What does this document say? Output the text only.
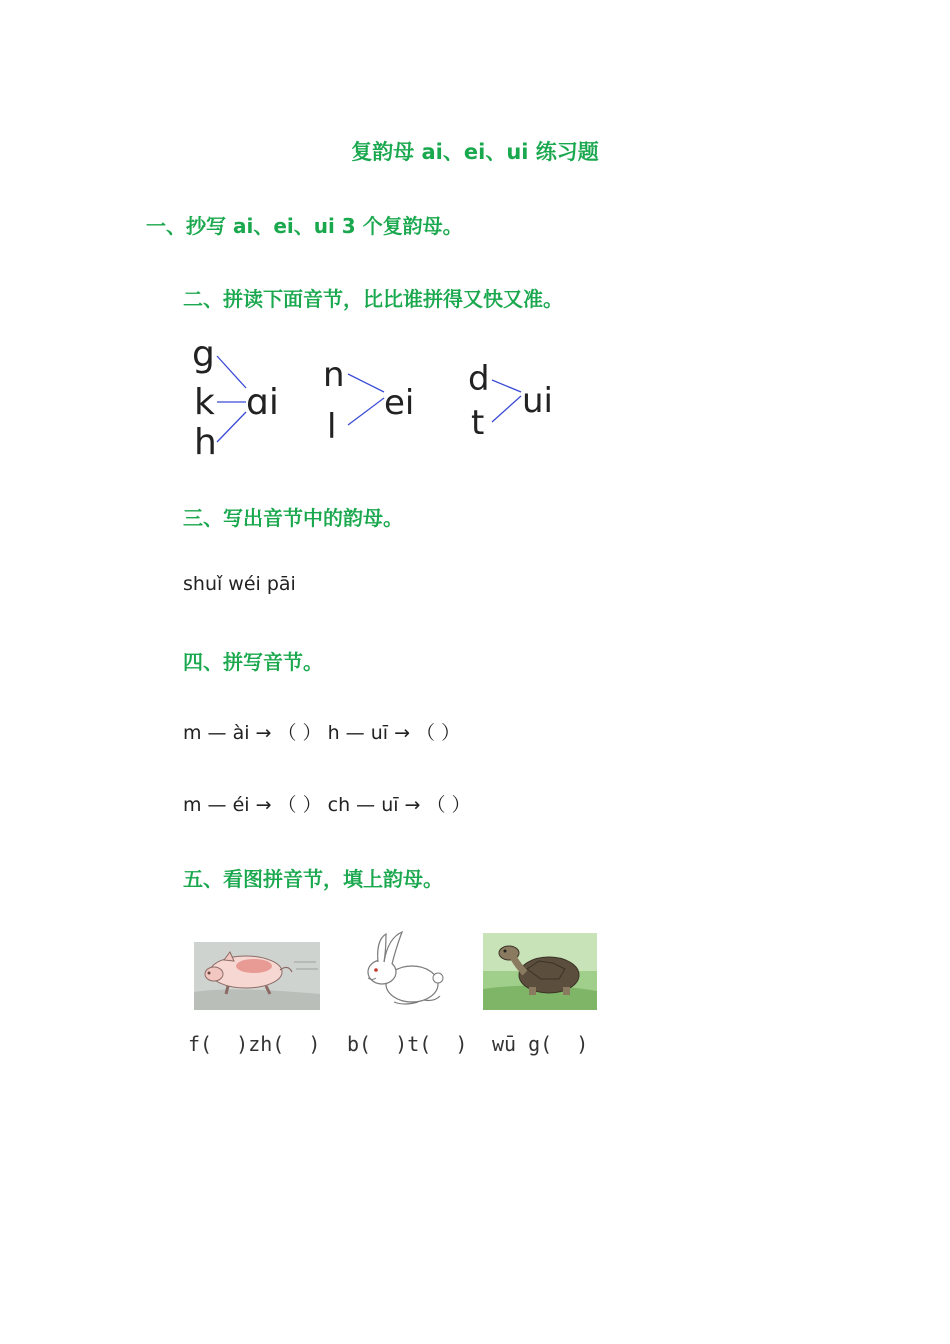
复韵母 ai、ei、ui 练习题
一、抄写 ai、ei、ui 3 个复韵母。
二、拼读下面音节，比比谁拼得又快又准。
g
k
h
ɑi
n
l
ei
d
t
ui
三、写出音节中的韵母。
shuǐ wéi pāi
四、拼写音节。
m — ài → （ ） h — uī → （ ）
m — éi → （ ） ch — uī → （ ）
五、看图拼音节，填上韵母。
f(  )zh(  ) b(  )t(  ) wū g(  )
